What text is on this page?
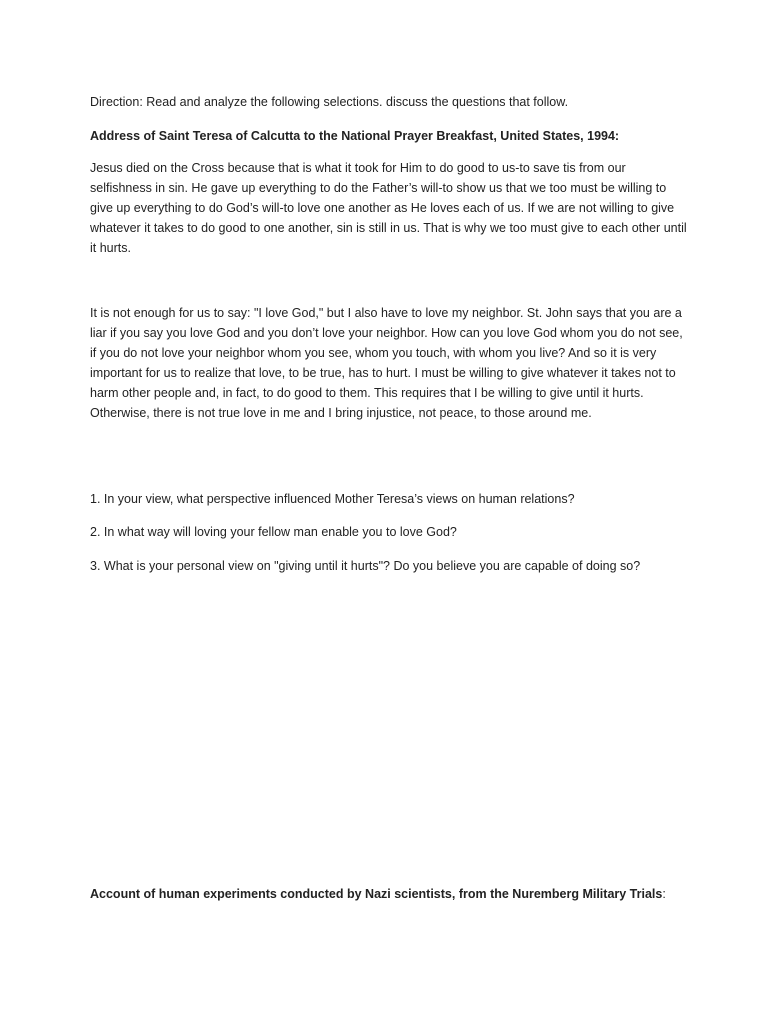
Direction: Read and analyze the following selections. discuss the questions that follow.

Address of Saint Teresa of Calcutta to the National Prayer Breakfast, United States, 1994:

Jesus died on the Cross because that is what it took for Him to do good to us-to save tis from our selfishness in sin. He gave up everything to do the Father’s will-to show us that we too must be willing to give up everything to do God’s will-to love one another as He loves each of us. If we are not willing to give whatever it takes to do good to one another, sin is still in us. That is why we too must give to each other until it hurts.

It is not enough for us to say: "I love God," but I also have to love my neighbor. St. John says that you are a liar if you say you love God and you don’t love your neighbor. How can you love God whom you do not see, if you do not love your neighbor whom you see, whom you touch, with whom you live? And so it is very important for us to realize that love, to be true, has to hurt. I must be willing to give whatever it takes not to harm other people and, in fact, to do good to them. This requires that I be willing to give until it hurts. Otherwise, there is not true love in me and I bring injustice, not peace, to those around me.

1. In your view, what perspective influenced Mother Teresa’s views on human relations?

2. In what way will loving your fellow man enable you to love God?

3. What is your personal view on "giving until it hurts"? Do you believe you are capable of doing so?

Account of human experiments conducted by Nazi scientists, from the Nuremberg Military Trials:
